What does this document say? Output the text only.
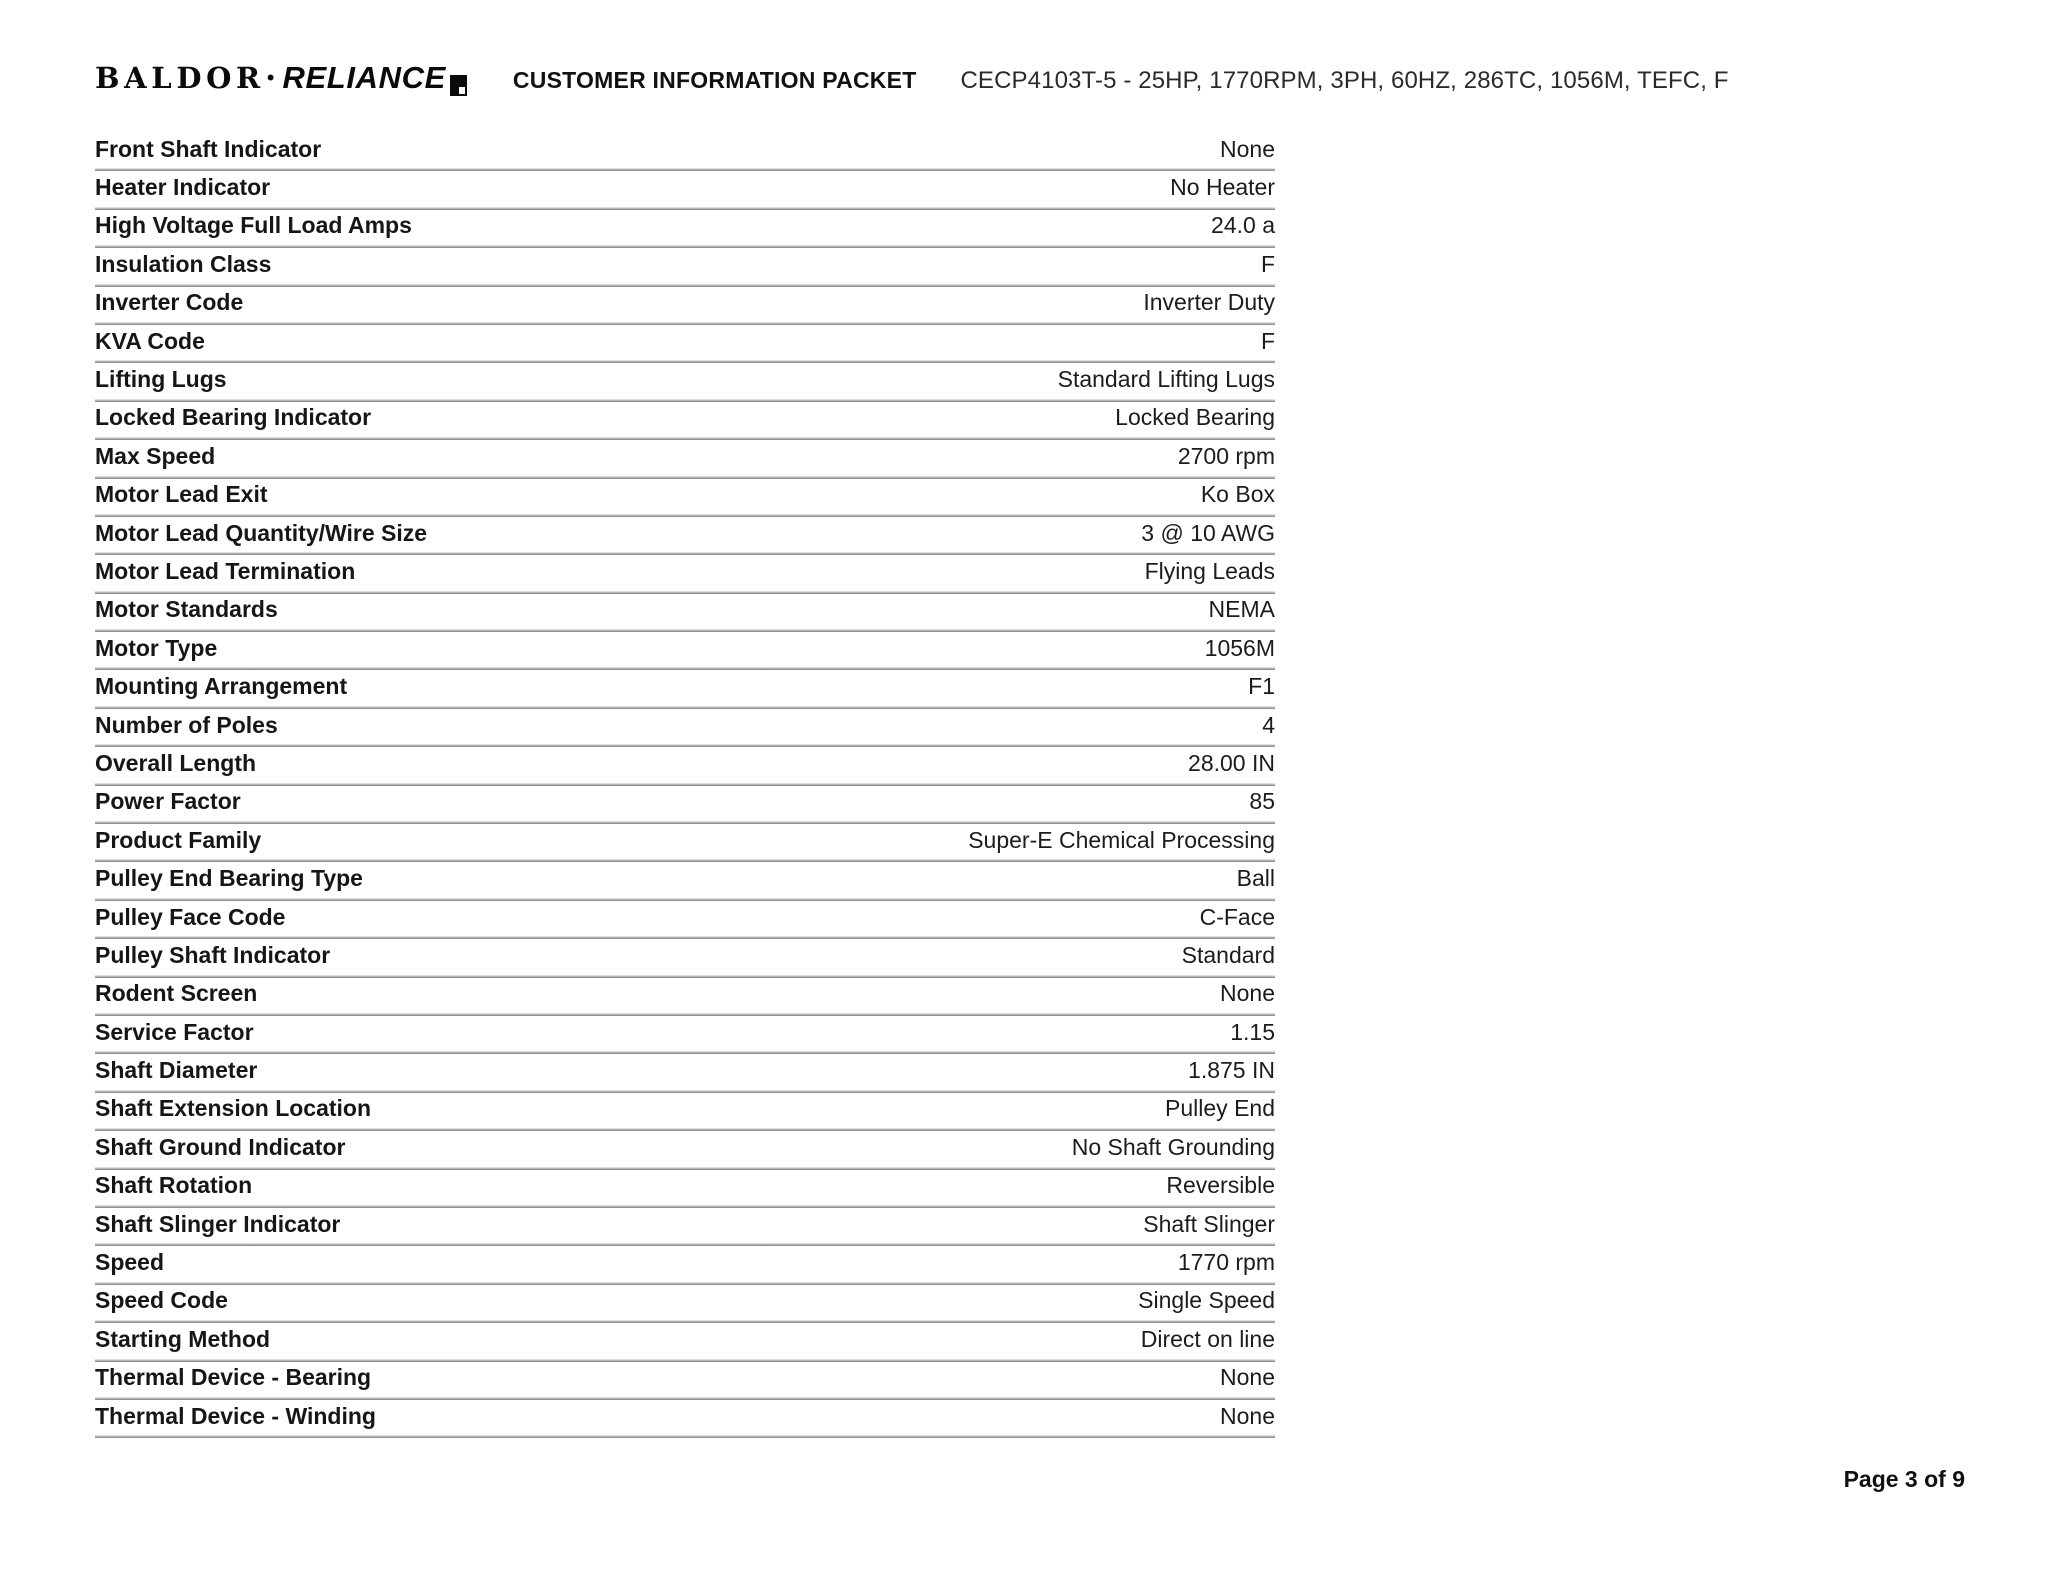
BALDOR • RELIANCE	CUSTOMER INFORMATION PACKET CECP4103T-5 - 25HP, 1770RPM, 3PH, 60HZ, 286TC, 1056M, TEFC, F
Front Shaft Indicator	None
Heater Indicator	No Heater
High Voltage Full Load Amps	24.0 a
Insulation Class	F
Inverter Code	Inverter Duty
KVA Code	F
Lifting Lugs	Standard Lifting Lugs
Locked Bearing Indicator	Locked Bearing
Max Speed	2700 rpm
Motor Lead Exit	Ko Box
Motor Lead Quantity/Wire Size	3 @ 10 AWG
Motor Lead Termination	Flying Leads
Motor Standards	NEMA
Motor Type	1056M
Mounting Arrangement	F1
Number of Poles	4
Overall Length	28.00 IN
Power Factor	85
Product Family	Super-E Chemical Processing
Pulley End Bearing Type	Ball
Pulley Face Code	C-Face
Pulley Shaft Indicator	Standard
Rodent Screen	None
Service Factor	1.15
Shaft Diameter	1.875 IN
Shaft Extension Location	Pulley End
Shaft Ground Indicator	No Shaft Grounding
Shaft Rotation	Reversible
Shaft Slinger Indicator	Shaft Slinger
Speed	1770 rpm
Speed Code	Single Speed
Starting Method	Direct on line
Thermal Device - Bearing	None
Thermal Device - Winding	None
Page 3 of 9
